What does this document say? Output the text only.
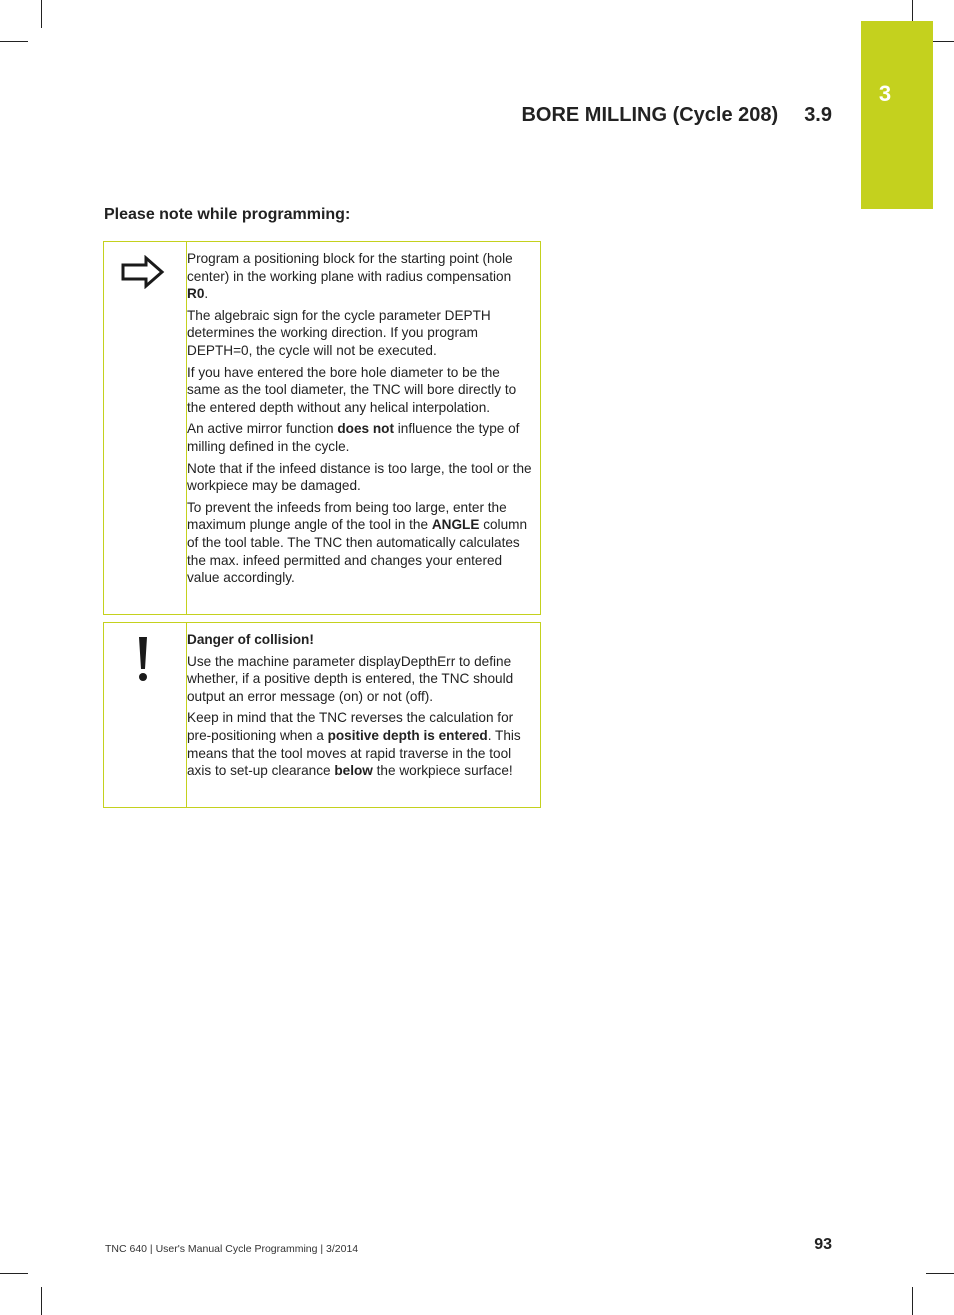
3
BORE MILLING (Cycle 208) 3.9
Please note while programming:

Program a positioning block for the starting point (hole center) in the working plane with radius compensation R0.

The algebraic sign for the cycle parameter DEPTH determines the working direction. If you program DEPTH=0, the cycle will not be executed.

If you have entered the bore hole diameter to be the same as the tool diameter, the TNC will bore directly to the entered depth without any helical interpolation.

An active mirror function does not influence the type of milling defined in the cycle.

Note that if the infeed distance is too large, the tool or the workpiece may be damaged.

To prevent the infeeds from being too large, enter the maximum plunge angle of the tool in the ANGLE column of the tool table. The TNC then automatically calculates the max. infeed permitted and changes your entered value accordingly.

Danger of collision!

Use the machine parameter displayDepthErr to define whether, if a positive depth is entered, the TNC should output an error message (on) or not (off).

Keep in mind that the TNC reverses the calculation for pre-positioning when a positive depth is entered. This means that the tool moves at rapid traverse in the tool axis to set-up clearance below the workpiece surface!

TNC 640 | User's Manual Cycle Programming | 3/2014	93
